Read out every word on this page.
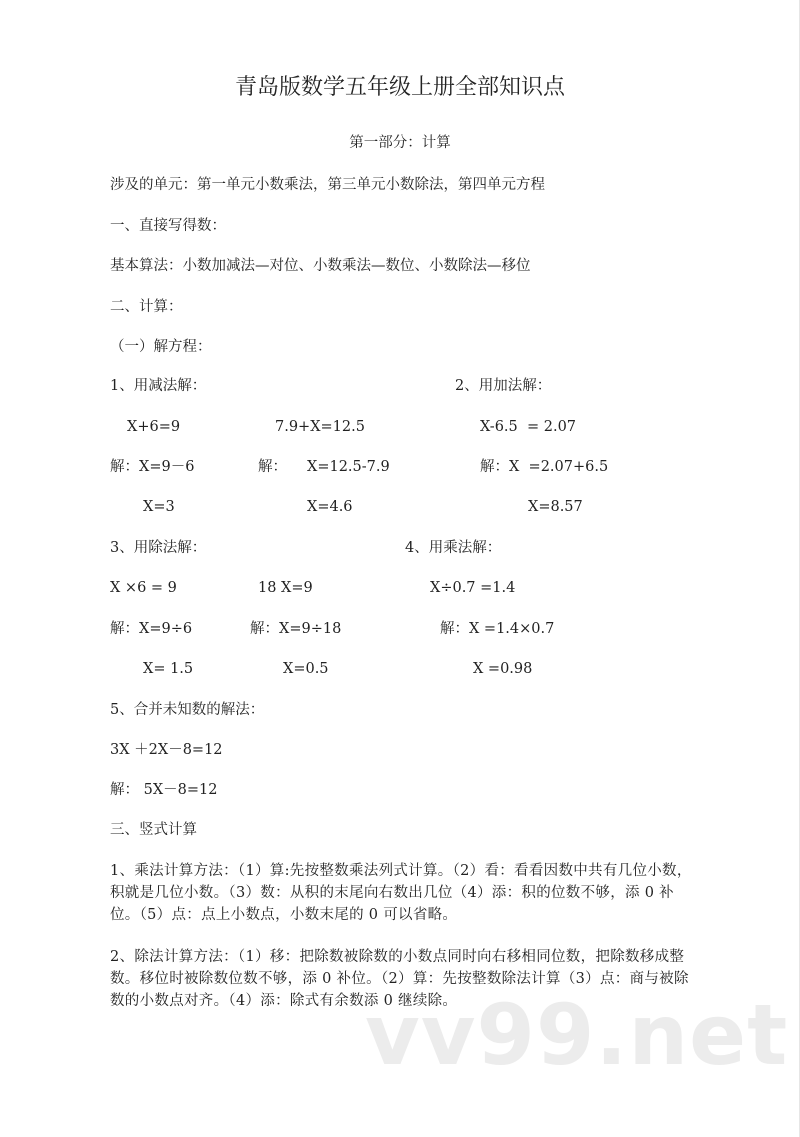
青岛版数学五年级上册全部知识点
第一部分：计算
涉及的单元：第一单元小数乘法，第三单元小数除法，第四单元方程
一、直接写得数：
基本算法：小数加减法—对位、小数乘法—数位、小数除法—移位
二、计算：
（一）解方程：
1、用减法解：	2、用加法解：
X+6=9
解：X=9－6
X=3
7.9+X=12.5
解： X=12.5-7.9
X=4.6
X-6.5  = 2.07
解：X  =2.07+6.5
X=8.57
3、用除法解：	4、用乘法解：
X ×6 = 9
解：X=9÷6
X= 1.5
18 X=9
解：X=9÷18
X=0.5
X÷0.7 =1.4
解：X =1.4×0.7
X =0.98
5、合并未知数的解法：
3X ＋2X－8=12
解： 5X－8=12
三、竖式计算
1、乘法计算方法：（1）算:先按整数乘法列式计算。（2）看：看看因数中共有几位小数，积就是几位小数。（3）数：从积的末尾向右数出几位（4）添：积的位数不够，添 0 补位。（5）点：点上小数点，小数末尾的 0 可以省略。
2、除法计算方法：（1）移：把除数被除数的小数点同时向右移相同位数，把除数移成整数。移位时被除数位数不够，添 0 补位。（2）算：先按整数除法计算（3）点：商与被除数的小数点对齐。（4）添：除式有余数添 0 继续除。
vv99.net
